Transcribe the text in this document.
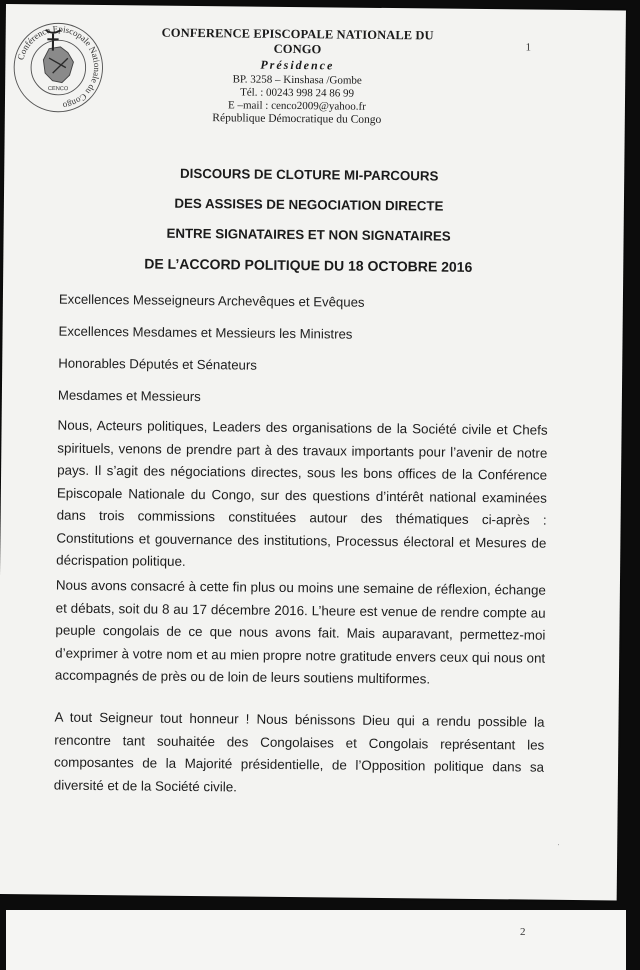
Conférence Episcopale Nationale du Congo
CENCO
CONFERENCE EPISCOPALE NATIONALE DU CONGO
Présidence
BP. 3258 – Kinshasa /Gombe
Tél. : 00243 998 24 86 99
E –mail : cenco2009@yahoo.fr
République Démocratique du Congo
1
DISCOURS DE CLOTURE MI-PARCOURS
DES ASSISES DE NEGOCIATION DIRECTE
ENTRE SIGNATAIRES ET NON SIGNATAIRES
DE L’ACCORD POLITIQUE DU 18 OCTOBRE 2016
Excellences Messeigneurs Archevêques et Evêques
Excellences Mesdames et Messieurs les Ministres
Honorables Députés et Sénateurs
Mesdames et Messieurs
Nous, Acteurs politiques, Leaders des organisations de la Société civile et Chefs spirituels, venons de prendre part à des travaux importants pour l’avenir de notre pays. Il s’agit des négociations directes, sous les bons offices de la Conférence Episcopale Nationale du Congo, sur des questions d’intérêt national examinées dans trois commissions constituées autour des thématiques ci-après : Constitutions et gouvernance des institutions, Processus électoral et Mesures de décrispation politique.
Nous avons consacré à cette fin plus ou moins une semaine de réflexion, échange et débats, soit du 8 au 17 décembre 2016. L’heure est venue de rendre compte au peuple congolais de ce que nous avons fait. Mais auparavant, permettez-moi d’exprimer à votre nom et au mien propre notre gratitude envers ceux qui nous ont accompagnés de près ou de loin de leurs soutiens multiformes.
A tout Seigneur tout honneur ! Nous bénissons Dieu qui a rendu possible la rencontre tant souhaitée des Congolaises et Congolais représentant les composantes de la Majorité présidentielle, de l’Opposition politique dans sa diversité et de la Société civile.
·
2
